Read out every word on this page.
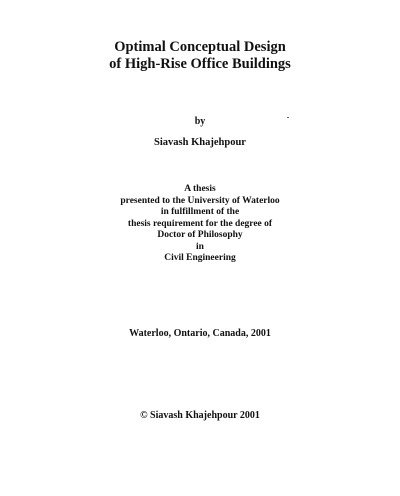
Optimal Conceptual Design
of High-Rise Office Buildings
by
Siavash Khajehpour
A thesis
presented to the University of Waterloo
in fulfillment of the
thesis requirement for the degree of
Doctor of Philosophy
in
Civil Engineering
Waterloo, Ontario, Canada, 2001
© Siavash Khajehpour 2001
